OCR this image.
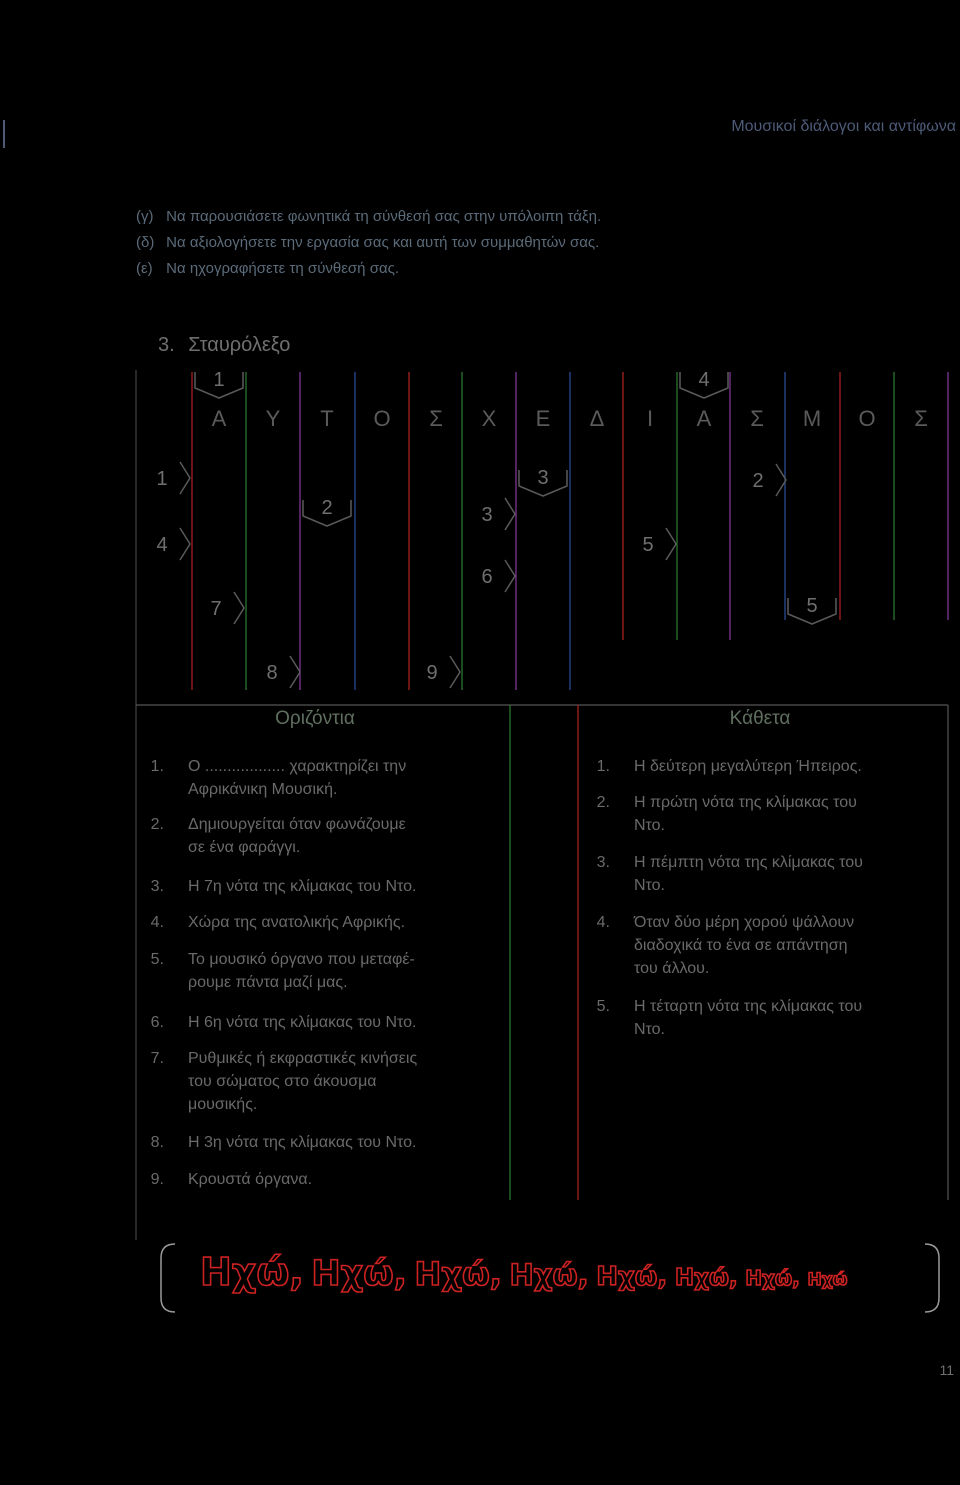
Μουσικοί διάλογοι και αντίφωνα
(γ) Να παρουσιάσετε φωνητικά τη σύνθεσή σας στην υπόλοιπη τάξη.
(δ) Να αξιολογήσετε την εργασία σας και αυτή των συμμαθητών σας.
(ε) Να ηχογραφήσετε τη σύνθεσή σας.
3. Σταυρόλεξο
Α Υ Τ Ο Σ Χ Ε Δ Ι Α Σ Μ Ο Σ
1	4
1	3	2
2	3
4	5
6
7	5
8	9
Οριζόντια	Κάθετα
1. Ο .................. χαρακτηρίζει την
Αφρικάνικη Μουσική.
2. Δημιουργείται όταν φωνάζουμε
σε ένα φαράγγι.
3. Η 7η νότα της κλίμακας του Ντο.
4. Χώρα της ανατολικής Αφρικής.
5. Το μουσικό όργανο που μεταφέ-
ρουμε πάντα μαζί μας.
6. Η 6η νότα της κλίμακας του Ντο.
7. Ρυθμικές ή εκφραστικές κινήσεις
του σώματος στο άκουσμα
μουσικής.
8. Η 3η νότα της κλίμακας του Ντο.
9. Κρουστά όργανα.
1. Η δεύτερη μεγαλύτερη Ήπειρος.
2. Η πρώτη νότα της κλίμακας του
Ντο.
3. Η πέμπτη νότα της κλίμακας του
Ντο.
4. Όταν δύο μέρη χορού ψάλλουν
διαδοχικά το ένα σε απάντηση
του άλλου.
5. Η τέταρτη νότα της κλίμακας του
Ντο.
Ηχώ, Ηχώ, Ηχώ, Ηχώ, Ηχώ, Ηχώ, Ηχώ, Ηχώ
11
